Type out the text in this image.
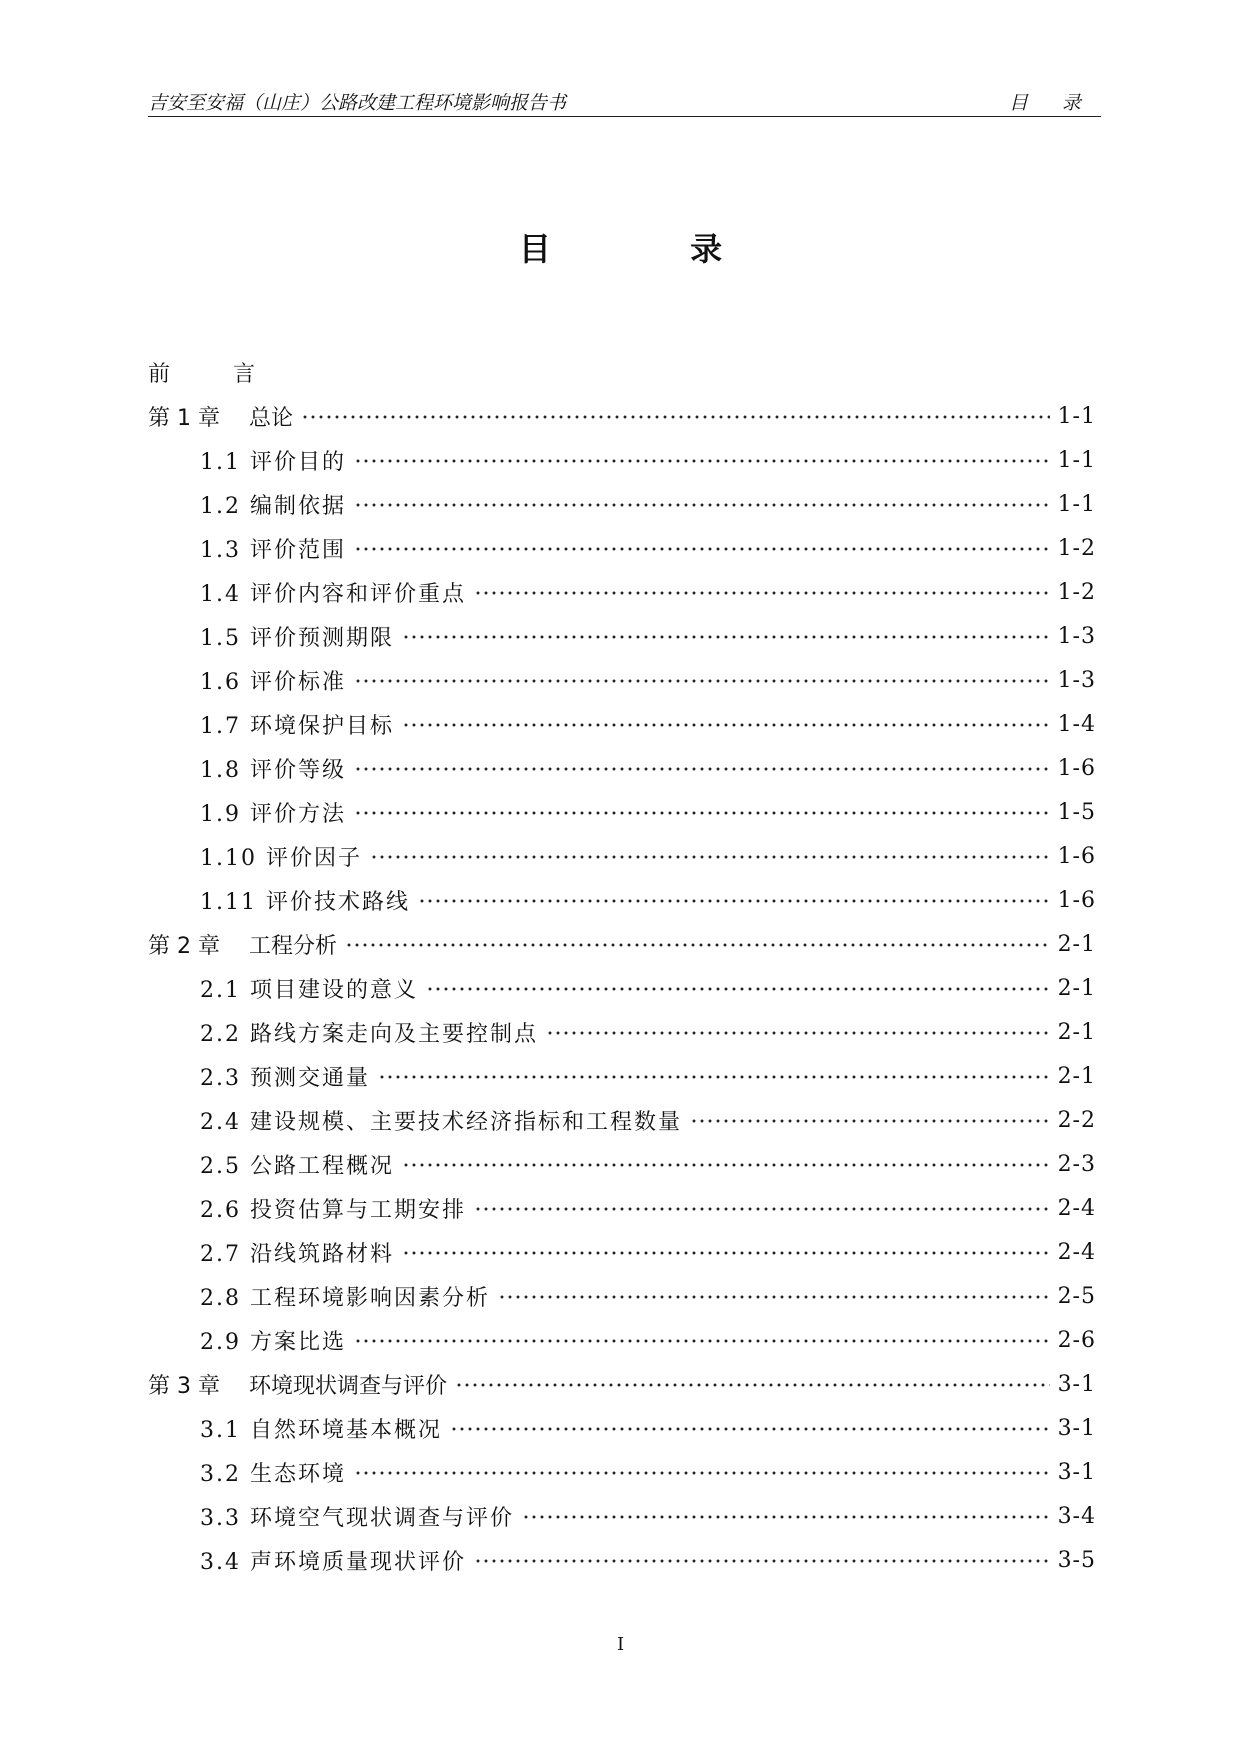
吉安至安福（山庄）公路改建工程环境影响报告书	目 录
目 录
前 言
第 1 章　 总论	1-1
1.1 评价目的	1-1
1.2 编制依据	1-1
1.3 评价范围	1-2
1.4 评价内容和评价重点	1-2
1.5 评价预测期限	1-3
1.6 评价标准	1-3
1.7 环境保护目标	1-4
1.8 评价等级	1-6
1.9 评价方法	1-5
1.10 评价因子	1-6
1.11 评价技术路线	1-6
第 2 章　 工程分析	2-1
2.1 项目建设的意义	2-1
2.2 路线方案走向及主要控制点	2-1
2.3 预测交通量	2-1
2.4 建设规模、主要技术经济指标和工程数量	2-2
2.5 公路工程概况	2-3
2.6 投资估算与工期安排	2-4
2.7 沿线筑路材料	2-4
2.8 工程环境影响因素分析	2-5
2.9 方案比选	2-6
第 3 章　 环境现状调查与评价	3-1
3.1 自然环境基本概况	3-1
3.2 生态环境	3-1
3.3 环境空气现状调查与评价	3-4
3.4 声环境质量现状评价	3-5
I
